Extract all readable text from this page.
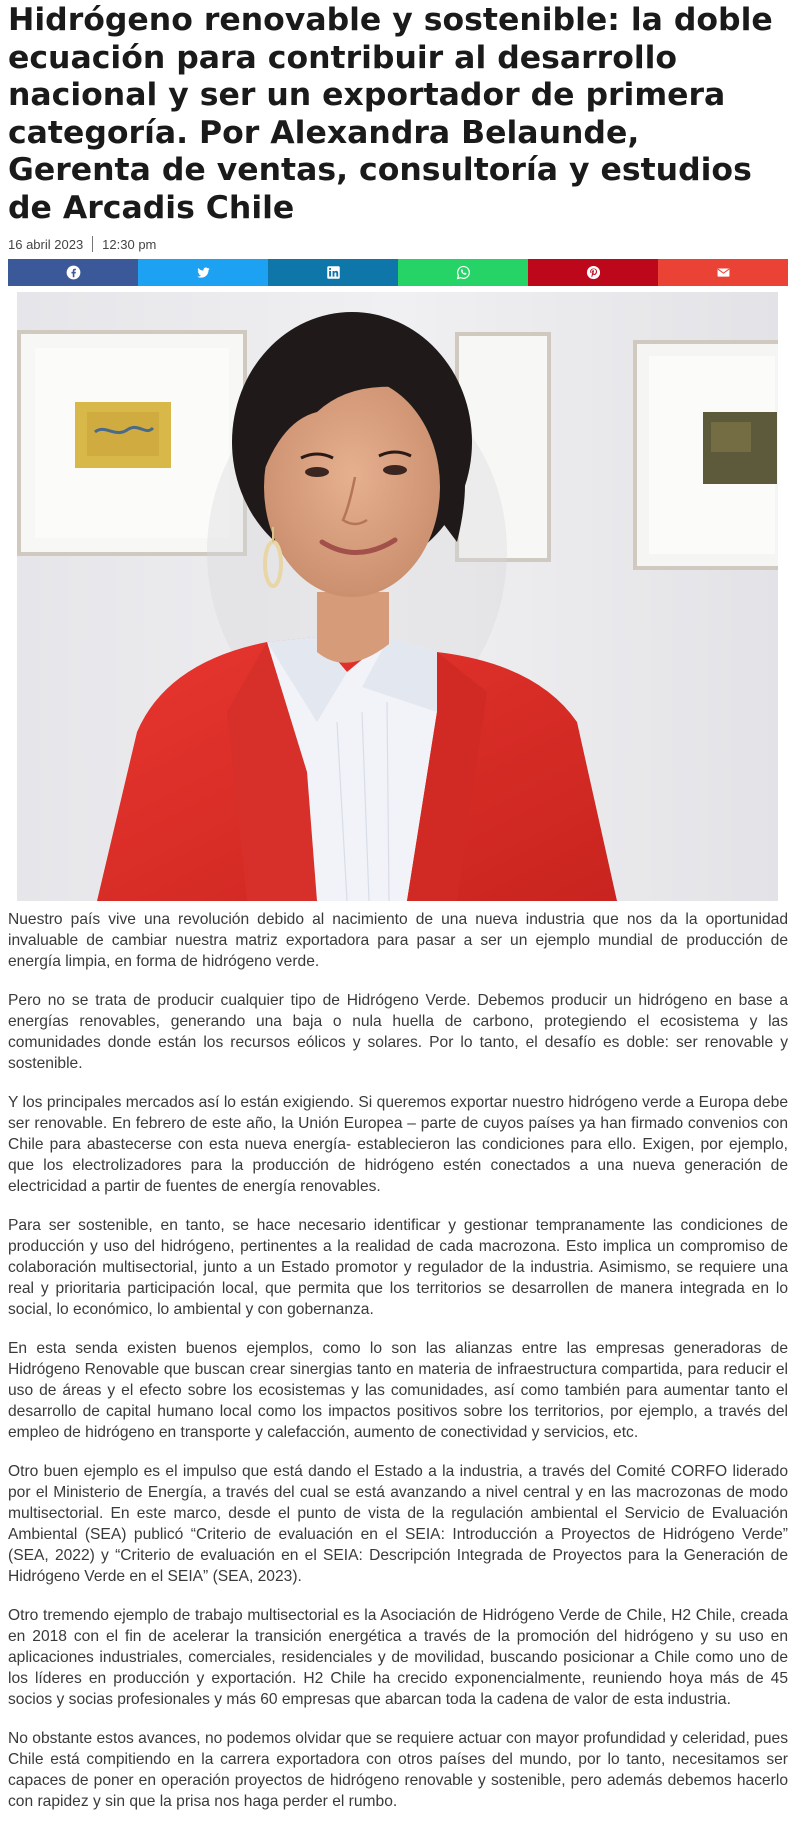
Hidrógeno renovable y sostenible: la doble ecuación para contribuir al desarrollo nacional y ser un exportador de primera categoría. Por Alexandra Belaunde, Gerenta de ventas, consultoría y estudios de Arcadis Chile
16 abril 2023 12:30 pm

Nuestro país vive una revolución debido al nacimiento de una nueva industria que nos da la oportunidad invaluable de cambiar nuestra matriz exportadora para pasar a ser un ejemplo mundial de producción de energía limpia, en forma de hidrógeno verde.

Pero no se trata de producir cualquier tipo de Hidrógeno Verde. Debemos producir un hidrógeno en base a energías renovables, generando una baja o nula huella de carbono, protegiendo el ecosistema y las comunidades donde están los recursos eólicos y solares. Por lo tanto, el desafío es doble: ser renovable y sostenible.

Y los principales mercados así lo están exigiendo. Si queremos exportar nuestro hidrógeno verde a Europa debe ser renovable. En febrero de este año, la Unión Europea – parte de cuyos países ya han firmado convenios con Chile para abastecerse con esta nueva energía- establecieron las condiciones para ello. Exigen, por ejemplo, que los electrolizadores para la producción de hidrógeno estén conectados a una nueva generación de electricidad a partir de fuentes de energía renovables.

Para ser sostenible, en tanto, se hace necesario identificar y gestionar tempranamente las condiciones de producción y uso del hidrógeno, pertinentes a la realidad de cada macrozona. Esto implica un compromiso de colaboración multisectorial, junto a un Estado promotor y regulador de la industria. Asimismo, se requiere una real y prioritaria participación local, que permita que los territorios se desarrollen de manera integrada en lo social, lo económico, lo ambiental y con gobernanza.

En esta senda existen buenos ejemplos, como lo son las alianzas entre las empresas generadoras de Hidrógeno Renovable que buscan crear sinergias tanto en materia de infraestructura compartida, para reducir el uso de áreas y el efecto sobre los ecosistemas y las comunidades, así como también para aumentar tanto el desarrollo de capital humano local como los impactos positivos sobre los territorios, por ejemplo, a través del empleo de hidrógeno en transporte y calefacción, aumento de conectividad y servicios, etc.

Otro buen ejemplo es el impulso que está dando el Estado a la industria, a través del Comité CORFO liderado por el Ministerio de Energía, a través del cual se está avanzando a nivel central y en las macrozonas de modo multisectorial. En este marco, desde el punto de vista de la regulación ambiental el Servicio de Evaluación Ambiental (SEA) publicó “Criterio de evaluación en el SEIA: Introducción a Proyectos de Hidrógeno Verde” (SEA, 2022) y “Criterio de evaluación en el SEIA: Descripción Integrada de Proyectos para la Generación de Hidrógeno Verde en el SEIA” (SEA, 2023).

Otro tremendo ejemplo de trabajo multisectorial es la Asociación de Hidrógeno Verde de Chile, H2 Chile, creada en 2018 con el fin de acelerar la transición energética a través de la promoción del hidrógeno y su uso en aplicaciones industriales, comerciales, residenciales y de movilidad, buscando posicionar a Chile como uno de los líderes en producción y exportación. H2 Chile ha crecido exponencialmente, reuniendo hoya más de 45 socios y socias profesionales y más 60 empresas que abarcan toda la cadena de valor de esta industria.

No obstante estos avances, no podemos olvidar que se requiere actuar con mayor profundidad y celeridad, pues Chile está compitiendo en la carrera exportadora con otros países del mundo, por lo tanto, necesitamos ser capaces de poner en operación proyectos de hidrógeno renovable y sostenible, pero además debemos hacerlo con rapidez y sin que la prisa nos haga perder el rumbo.
